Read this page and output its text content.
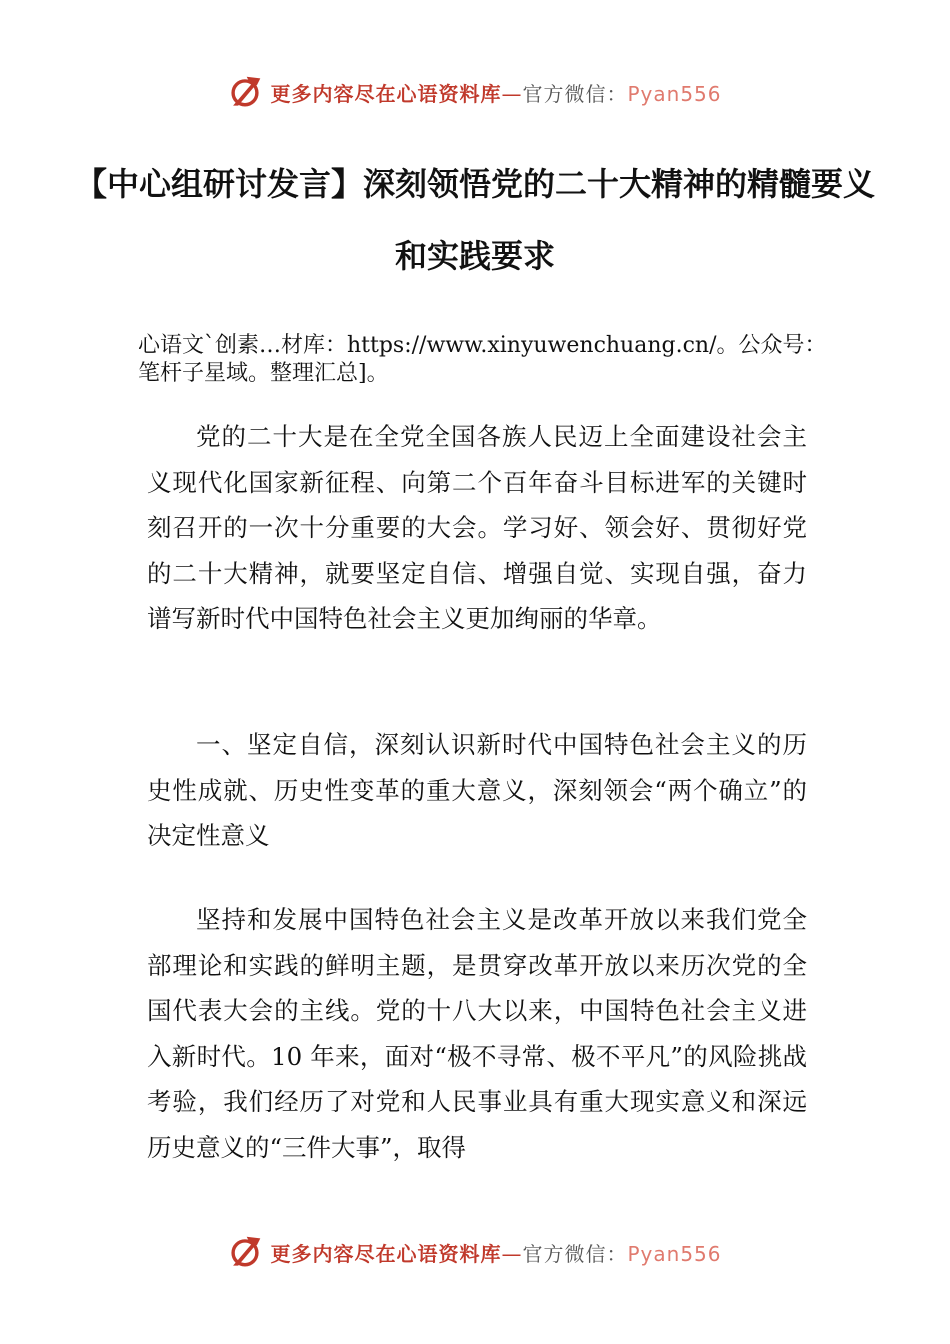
更多内容尽在心语资料库—官方微信：Pyan556
【中心组研讨发言】深刻领悟党的二十大精神的精髓要义和实践要求

心语文`创素…材库：https://www.xinyuwenchuang.cn/。公众号：笔杆子星域。整理汇总]。

党的二十大是在全党全国各族人民迈上全面建设社会主义现代化国家新征程、向第二个百年奋斗目标进军的关键时刻召开的一次十分重要的大会。学习好、领会好、贯彻好党的二十大精神，就要坚定自信、增强自觉、实现自强，奋力谱写新时代中国特色社会主义更加绚丽的华章。

一、坚定自信，深刻认识新时代中国特色社会主义的历史性成就、历史性变革的重大意义，深刻领会“两个确立”的决定性意义

坚持和发展中国特色社会主义是改革开放以来我们党全部理论和实践的鲜明主题，是贯穿改革开放以来历次党的全国代表大会的主线。党的十八大以来，中国特色社会主义进入新时代。10 年来，面对“极不寻常、极不平凡”的风险挑战考验，我们经历了对党和人民事业具有重大现实意义和深远历史意义的“三件大事”，取得

更多内容尽在心语资料库—官方微信：Pyan556
